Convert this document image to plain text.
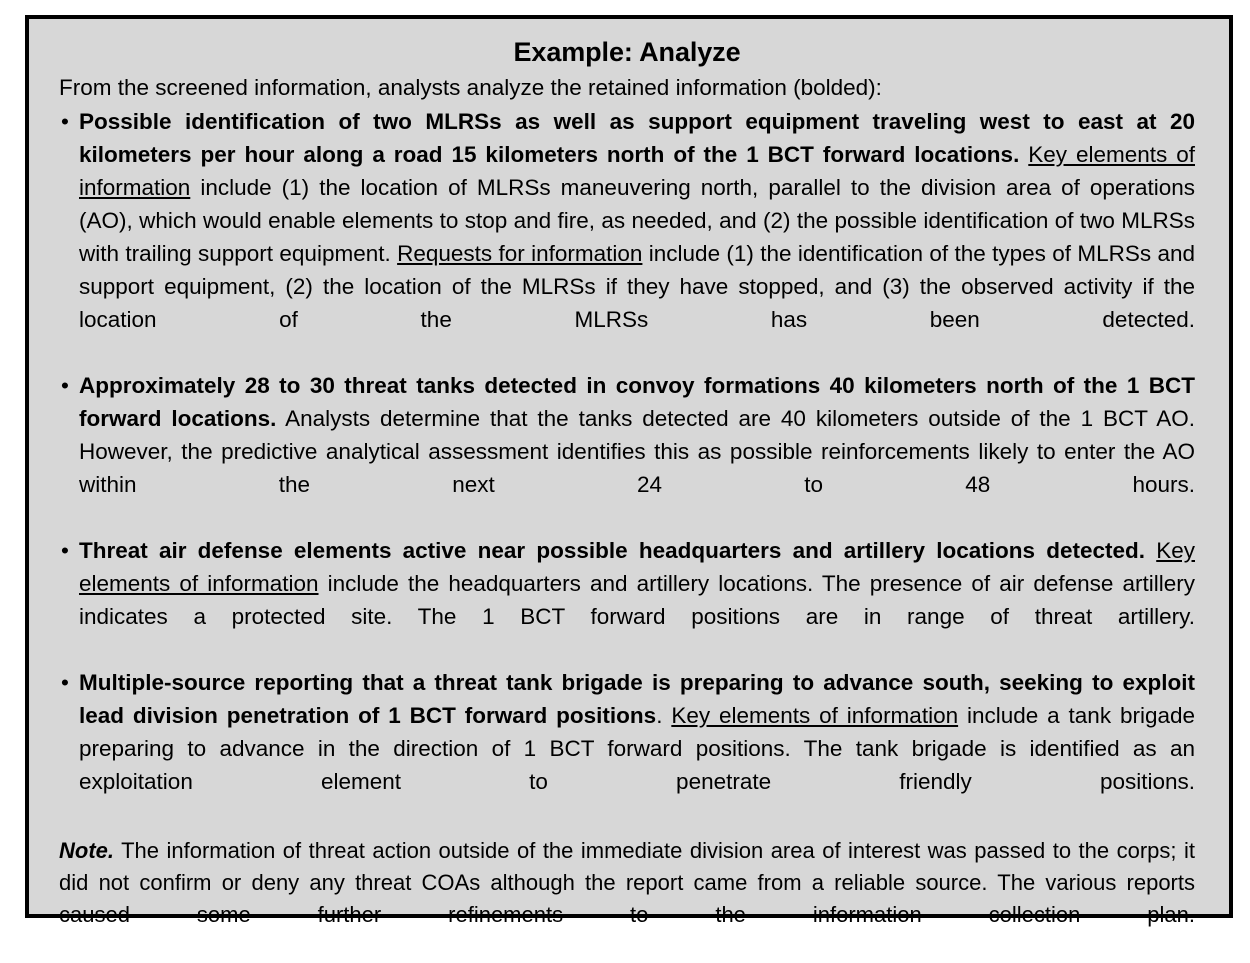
Example: Analyze
From the screened information, analysts analyze the retained information (bolded):
• Possible identification of two MLRSs as well as support equipment traveling west to east at 20 kilometers per hour along a road 15 kilometers north of the 1 BCT forward locations. Key elements of information include (1) the location of MLRSs maneuvering north, parallel to the division area of operations (AO), which would enable elements to stop and fire, as needed, and (2) the possible identification of two MLRSs with trailing support equipment. Requests for information include (1) the identification of the types of MLRSs and support equipment, (2) the location of the MLRSs if they have stopped, and (3) the observed activity if the location of the MLRSs has been detected.
• Approximately 28 to 30 threat tanks detected in convoy formations 40 kilometers north of the 1 BCT forward locations. Analysts determine that the tanks detected are 40 kilometers outside of the 1 BCT AO. However, the predictive analytical assessment identifies this as possible reinforcements likely to enter the AO within the next 24 to 48 hours.
• Threat air defense elements active near possible headquarters and artillery locations detected. Key elements of information include the headquarters and artillery locations. The presence of air defense artillery indicates a protected site. The 1 BCT forward positions are in range of threat artillery.
• Multiple-source reporting that a threat tank brigade is preparing to advance south, seeking to exploit lead division penetration of 1 BCT forward positions. Key elements of information include a tank brigade preparing to advance in the direction of 1 BCT forward positions. The tank brigade is identified as an exploitation element to penetrate friendly positions.

Note. The information of threat action outside of the immediate division area of interest was passed to the corps; it did not confirm or deny any threat COAs although the report came from a reliable source. The various reports caused some further refinements to the information collection plan.
